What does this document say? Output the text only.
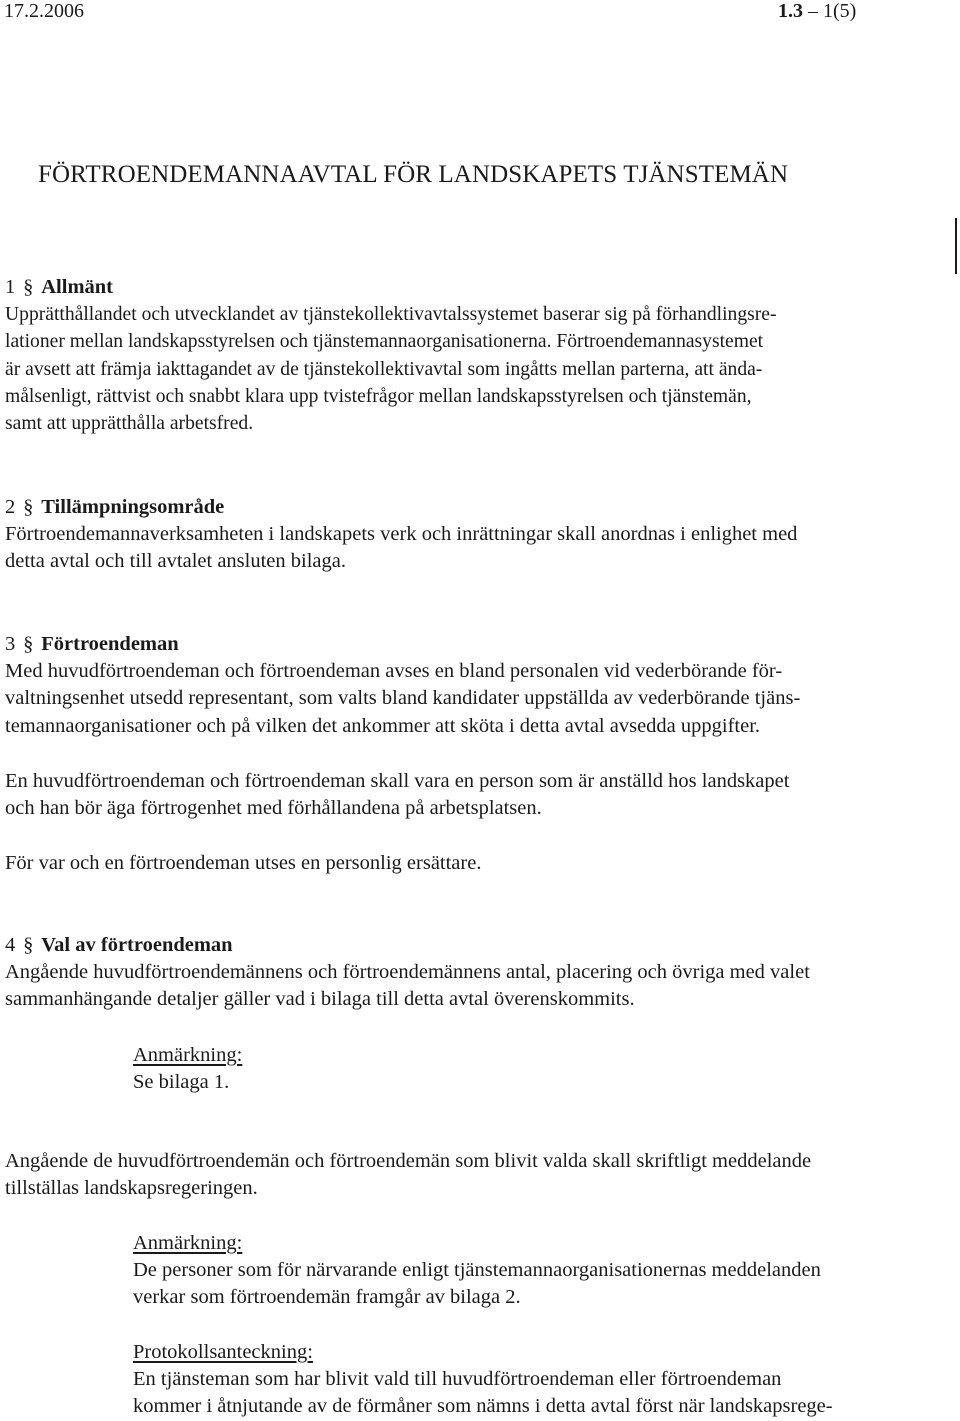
17.2.2006	1.3 – 1(5)
FÖRTROENDEMANNAAVTAL FÖR LANDSKAPETS TJÄNSTEMÄN
1 § Allmänt
Upprätthållandet och utvecklandet av tjänstekollektivavtalssystemet baserar sig på förhandlingsre-
lationer mellan landskapsstyrelsen och tjänstemannaorganisationerna. Förtroendemannasystemet
är avsett att främja iakttagandet av de tjänstekollektivavtal som ingåtts mellan parterna, att ända-
målsenligt, rättvist och snabbt klara upp tvistefrågor mellan landskapsstyrelsen och tjänstemän,
samt att upprätthålla arbetsfred.
2 § Tillämpningsområde
Förtroendemannaverksamheten i landskapets verk och inrättningar skall anordnas i enlighet med
detta avtal och till avtalet ansluten bilaga.
3 § Förtroendeman
Med huvudförtroendeman och förtroendeman avses en bland personalen vid vederbörande för-
valtningsenhet utsedd representant, som valts bland kandidater uppställda av vederbörande tjäns-
temannaorganisationer och på vilken det ankommer att sköta i detta avtal avsedda uppgifter.
En huvudförtroendeman och förtroendeman skall vara en person som är anställd hos landskapet
och han bör äga förtrogenhet med förhållandena på arbetsplatsen.
För var och en förtroendeman utses en personlig ersättare.
4 § Val av förtroendeman
Angående huvudförtroendemännens och förtroendemännens antal, placering och övriga med valet
sammanhängande detaljer gäller vad i bilaga till detta avtal överenskommits.
Anmärkning:
Se bilaga 1.
Angående de huvudförtroendemän och förtroendemän som blivit valda skall skriftligt meddelande
tillställas landskapsregeringen.
Anmärkning:
De personer som för närvarande enligt tjänstemannaorganisationernas meddelanden
verkar som förtroendemän framgår av bilaga 2.
Protokollsanteckning:
En tjänsteman som har blivit vald till huvudförtroendeman eller förtroendeman
kommer i åtnjutande av de förmåner som nämns i detta avtal först när landskapsrege-
